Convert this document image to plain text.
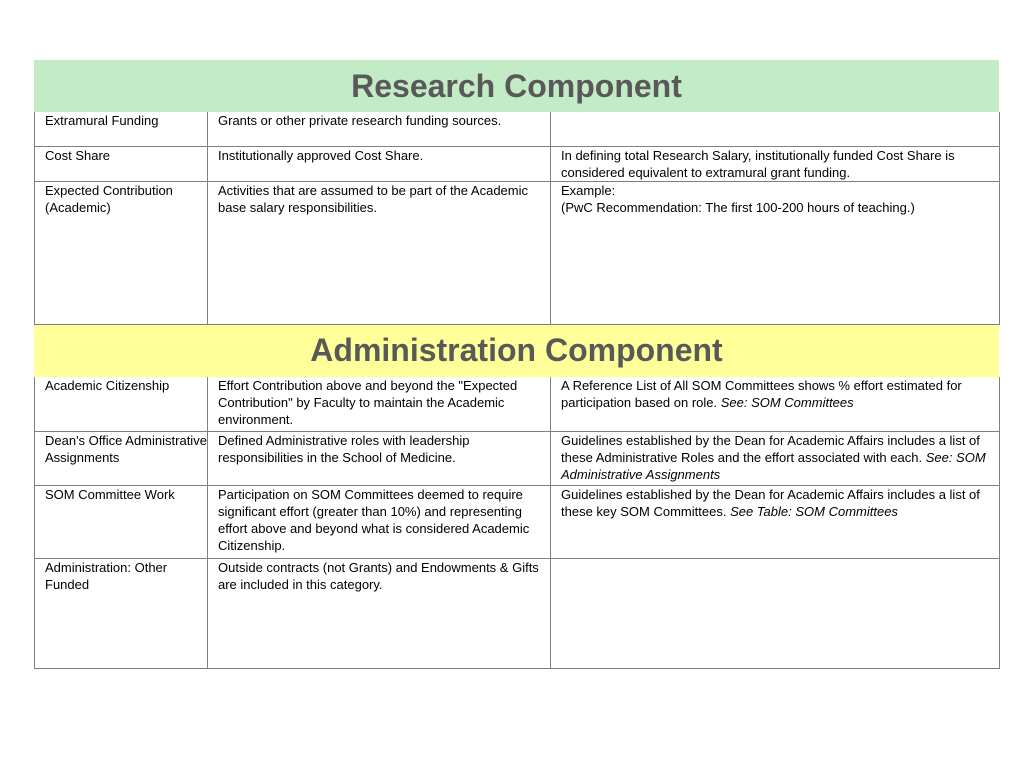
Research Component
Extramural Funding	Grants or other private research funding sources.	
Cost Share	Institutionally approved Cost Share.	In defining total Research Salary, institutionally funded Cost Share is considered equivalent to extramural grant funding.
Expected Contribution (Academic)	Activities that are assumed to be part of the Academic base salary responsibilities.	Example:
(PwC Recommendation: The first 100-200 hours of teaching.)
Administration Component
Academic Citizenship	Effort Contribution above and beyond the "Expected Contribution" by Faculty to maintain the Academic environment.	A Reference List of All SOM Committees shows % effort estimated for participation based on role. See: SOM Committees
Dean's Office Administrative Assignments	Defined Administrative roles with leadership responsibilities in the School of Medicine.	Guidelines established by the Dean for Academic Affairs includes a list of these Administrative Roles and the effort associated with each. See: SOM Administrative Assignments
SOM Committee Work	Participation on SOM Committees deemed to require significant effort (greater than 10%) and representing effort above and beyond what is considered Academic Citizenship.	Guidelines established by the Dean for Academic Affairs includes a list of these key SOM Committees. See Table: SOM Committees
Administration: Other Funded	Outside contracts (not Grants) and Endowments & Gifts are included in this category.	
